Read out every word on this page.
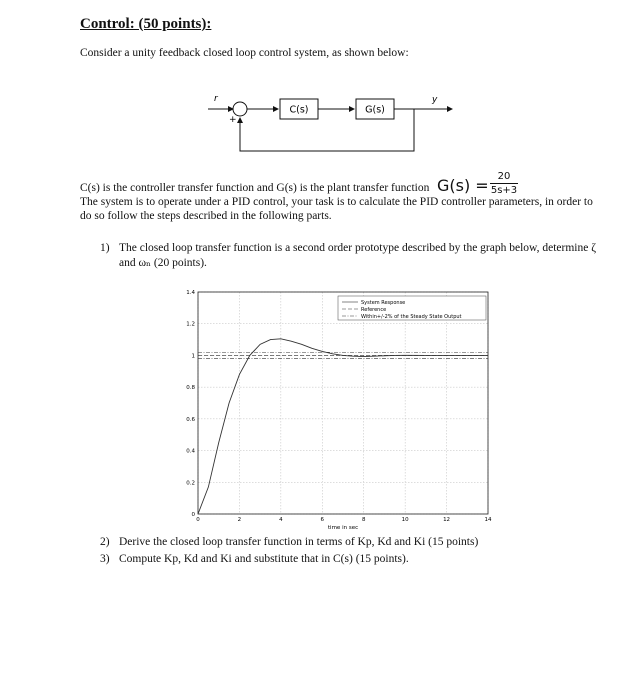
Control: (50 points):
Consider a unity feedback closed loop control system, as shown below:
r
+
C(s)	G(s)
y
C(s) is the controller transfer function and G(s) is the plant transfer function
The system is to operate under a PID control, your task is to calculate the PID controller parameters, in order to do so follow the steps described in the following parts.
$G(s) = \frac{20}{5s+3}$
1) The closed loop transfer function is a second order prototype described by the graph below, determine ζ and ωₙ (20 points).
0	2	4	6	8	10	12	14
0
0.2
0.4
0.6
0.8
1
1.2
1.4
time in sec
System Response
Reference
Within+/-2% of the Steady State Output
2) Derive the closed loop transfer function in terms of Kp, Kd and Ki (15 points)
3) Compute Kp, Kd and Ki and substitute that in C(s) (15 points).
